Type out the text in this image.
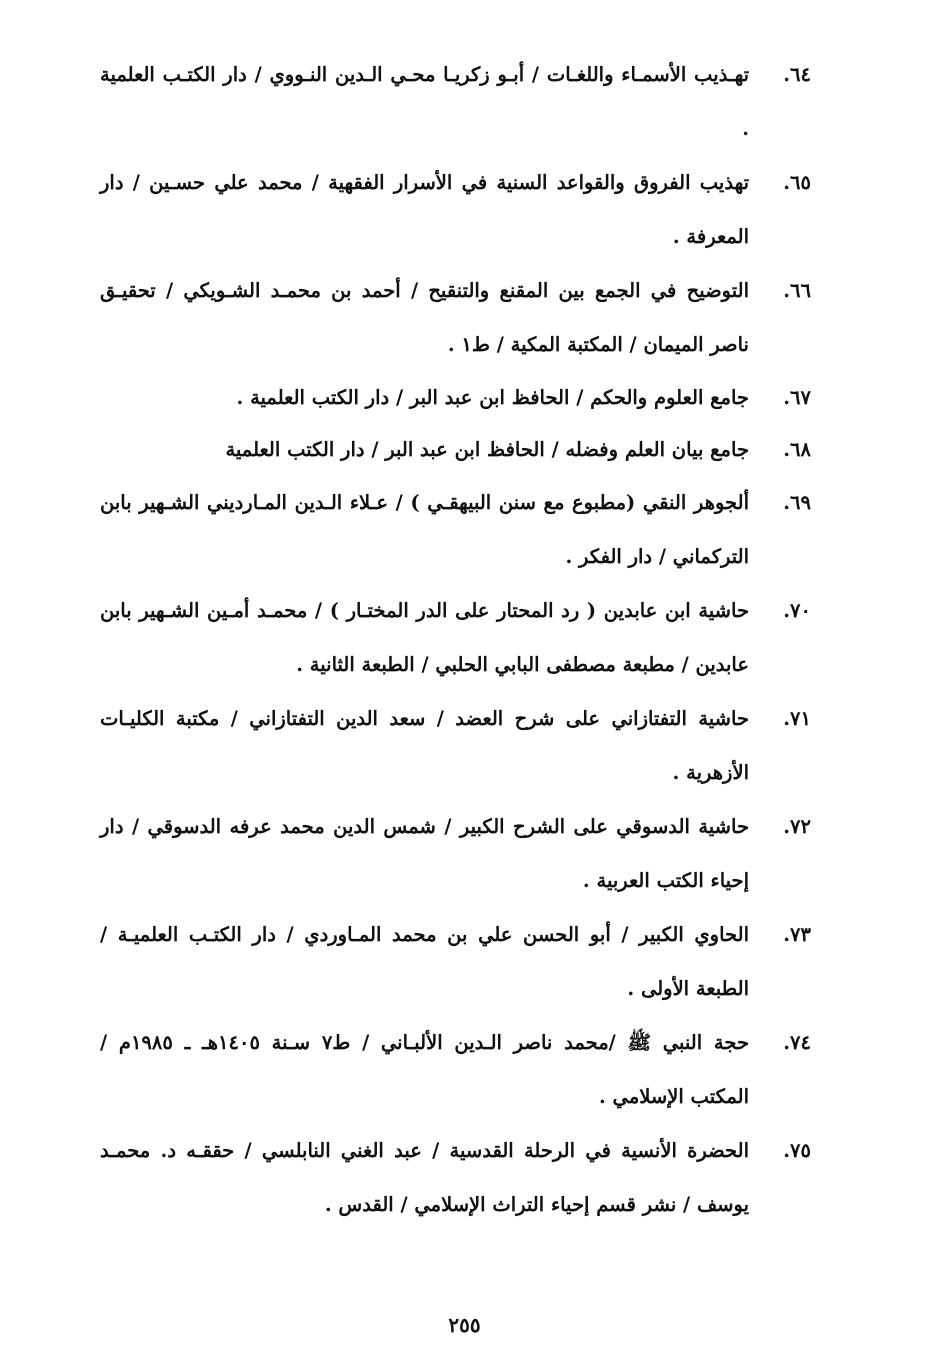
٦٤.
تهـذيب الأسمـاء واللغـات / أبـو زكريـا محـي الـدين النـووي / دار الكتـب العلمية .
٦٥.
تهذيب الفروق والقواعد السنية في الأسرار الفقهية / محمد علي حسـين / دار المعرفة .
٦٦.
التوضيح في الجمع بين المقنع والتنقيح / أحمد بن محمـد الشـويكي / تحقيـق ناصر الميمان / المكتبة المكية / ط١ .
٦٧.
جامع العلوم والحكم / الحافظ ابن عبد البر / دار الكتب العلمية .
٦٨.
جامع بيان العلم وفضله / الحافظ ابن عبد البر / دار الكتب العلمية
٦٩.
ألجوهر النقي (مطبوع مع سنن البيهقـي ) / عـلاء الـدين المـارديني الشـهير بابن التركماني / دار الفكر .
٧٠.
حاشية ابن عابدين ( رد المحتار على الدر المختـار ) / محمـد أمـين الشـهير بابن عابدين / مطبعة مصطفى البابي الحلبي / الطبعة الثانية .
٧١.
حاشية التفتازاني على شرح العضد / سعد الدين التفتازاني / مكتبة الكليـات الأزهرية .
٧٢.
حاشية الدسوقي على الشرح الكبير / شمس الدين محمد عرفه الدسوقي / دار إحياء الكتب العربية .
٧٣.
الحاوي الكبير / أبو الحسن علي بن محمد المـاوردي / دار الكتـب العلميـة / الطبعة الأولى .
٧٤.
حجة النبي ﷺ /محمد ناصر الـدين الألبـاني / ط٧ سـنة ١٤٠٥هـ ـ ١٩٨٥م / المكتب الإسلامي .
٧٥.
الحضرة الأنسية في الرحلة القدسية / عبد الغني النابلسي / حققـه د. محمـد يوسف / نشر قسم إحياء التراث الإسلامي / القدس .
٢٥٥
